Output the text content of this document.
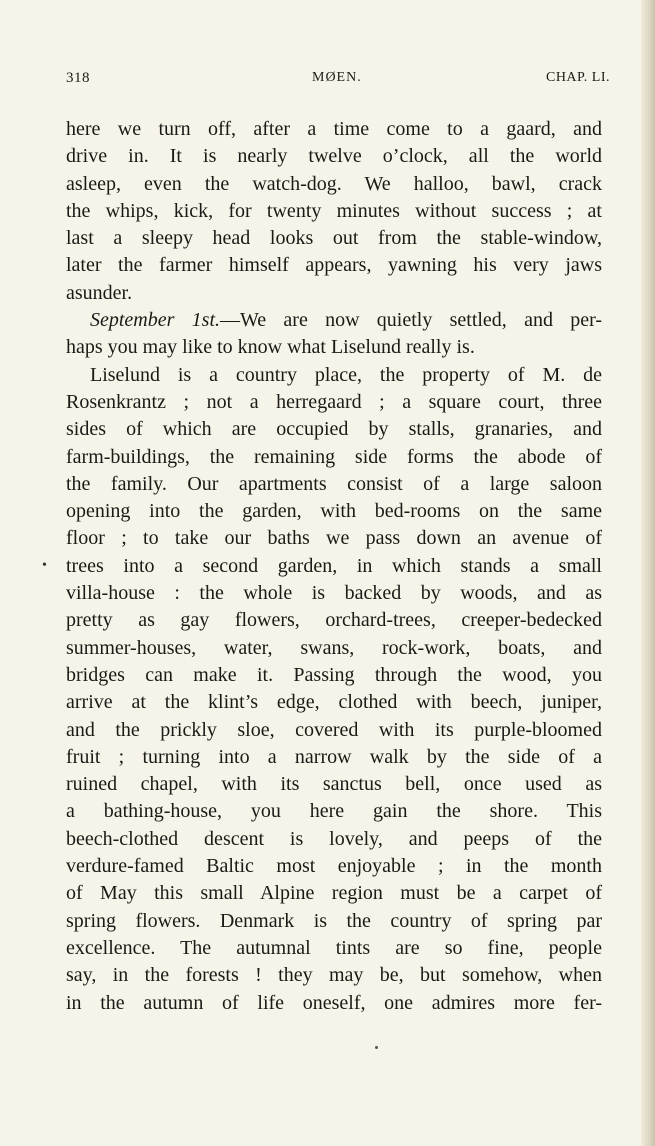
318	MØEN.	CHAP. LI.
•
here we turn off, after a time come to a gaard, and
drive in. It is nearly twelve o’clock, all the world
asleep, even the watch-dog. We halloo, bawl, crack
the whips, kick, for twenty minutes without success ; at
last a sleepy head looks out from the stable-window,
later the farmer himself appears, yawning his very jaws
asunder.
September 1st.—We are now quietly settled, and per-
haps you may like to know what Liselund really is.
Liselund is a country place, the property of M. de
Rosenkrantz ; not a herregaard ; a square court, three
sides of which are occupied by stalls, granaries, and
farm-buildings, the remaining side forms the abode of
the family. Our apartments consist of a large saloon
opening into the garden, with bed-rooms on the same
floor ; to take our baths we pass down an avenue of
trees into a second garden, in which stands a small
villa-house : the whole is backed by woods, and as
pretty as gay flowers, orchard-trees, creeper-bedecked
summer-houses, water, swans, rock-work, boats, and
bridges can make it. Passing through the wood, you
arrive at the klint’s edge, clothed with beech, juniper,
and the prickly sloe, covered with its purple-bloomed
fruit ; turning into a narrow walk by the side of a
ruined chapel, with its sanctus bell, once used as
a bathing-house, you here gain the shore. This
beech-clothed descent is lovely, and peeps of the
verdure-famed Baltic most enjoyable ; in the month
of May this small Alpine region must be a carpet of
spring flowers. Denmark is the country of spring par
excellence. The autumnal tints are so fine, people
say, in the forests ! they may be, but somehow, when
in the autumn of life oneself, one admires more fer-
